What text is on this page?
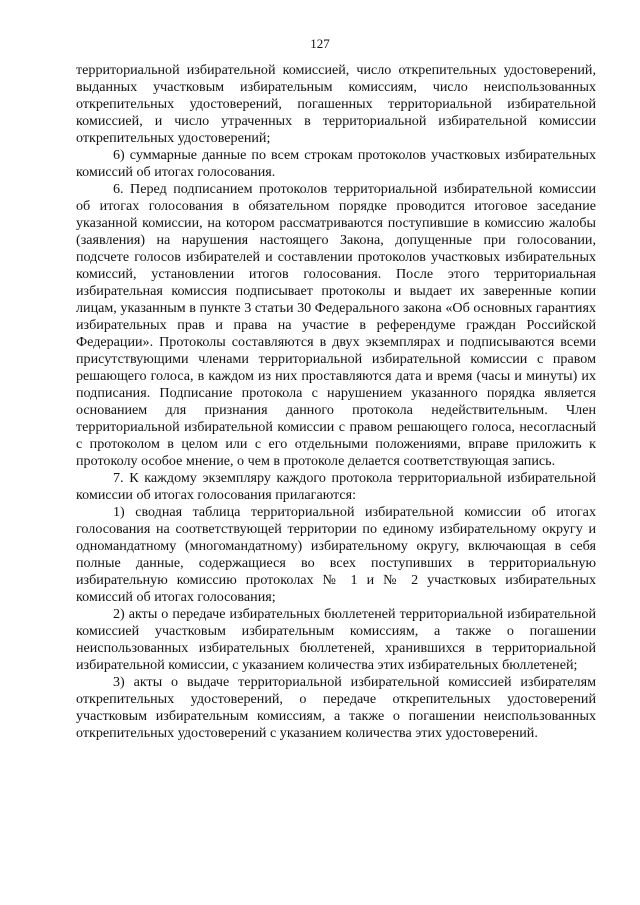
127

территориальной избирательной комиссией, число открепительных удостоверений, выданных участковым избирательным комиссиям, число неиспользованных открепительных удостоверений, погашенных территориальной избирательной комиссией, и число утраченных в территориальной избирательной комиссии открепительных удостоверений;

6) суммарные данные по всем строкам протоколов участковых избирательных комиссий об итогах голосования.

6. Перед подписанием протоколов территориальной избирательной комиссии об итогах голосования в обязательном порядке проводится итоговое заседание указанной комиссии, на котором рассматриваются поступившие в комиссию жалобы (заявления) на нарушения настоящего Закона, допущенные при голосовании, подсчете голосов избирателей и составлении протоколов участковых избирательных комиссий, установлении итогов голосования. После этого территориальная избирательная комиссия подписывает протоколы и выдает их заверенные копии лицам, указанным в пункте 3 статьи 30 Федерального закона «Об основных гарантиях избирательных прав и права на участие в референдуме граждан Российской Федерации». Протоколы составляются в двух экземплярах и подписываются всеми присутствующими членами территориальной избирательной комиссии с правом решающего голоса, в каждом из них проставляются дата и время (часы и минуты) их подписания. Подписание протокола с нарушением указанного порядка является основанием для признания данного протокола недействительным. Член территориальной избирательной комиссии с правом решающего голоса, несогласный с протоколом в целом или с его отдельными положениями, вправе приложить к протоколу особое мнение, о чем в протоколе делается соответствующая запись.

7. К каждому экземпляру каждого протокола территориальной избирательной комиссии об итогах голосования прилагаются:

1) сводная таблица территориальной избирательной комиссии об итогах голосования на соответствующей территории по единому избирательному округу и одномандатному (многомандатному) избирательному округу, включающая в себя полные данные, содержащиеся во всех поступивших в территориальную избирательную комиссию протоколах № 1 и № 2 участковых избирательных комиссий об итогах голосования;

2) акты о передаче избирательных бюллетеней территориальной избирательной комиссией участковым избирательным комиссиям, а также о погашении неиспользованных избирательных бюллетеней, хранившихся в территориальной избирательной комиссии, с указанием количества этих избирательных бюллетеней;

3) акты о выдаче территориальной избирательной комиссией избирателям открепительных удостоверений, о передаче открепительных удостоверений участковым избирательным комиссиям, а также о погашении неиспользованных открепительных удостоверений с указанием количества этих удостоверений.
